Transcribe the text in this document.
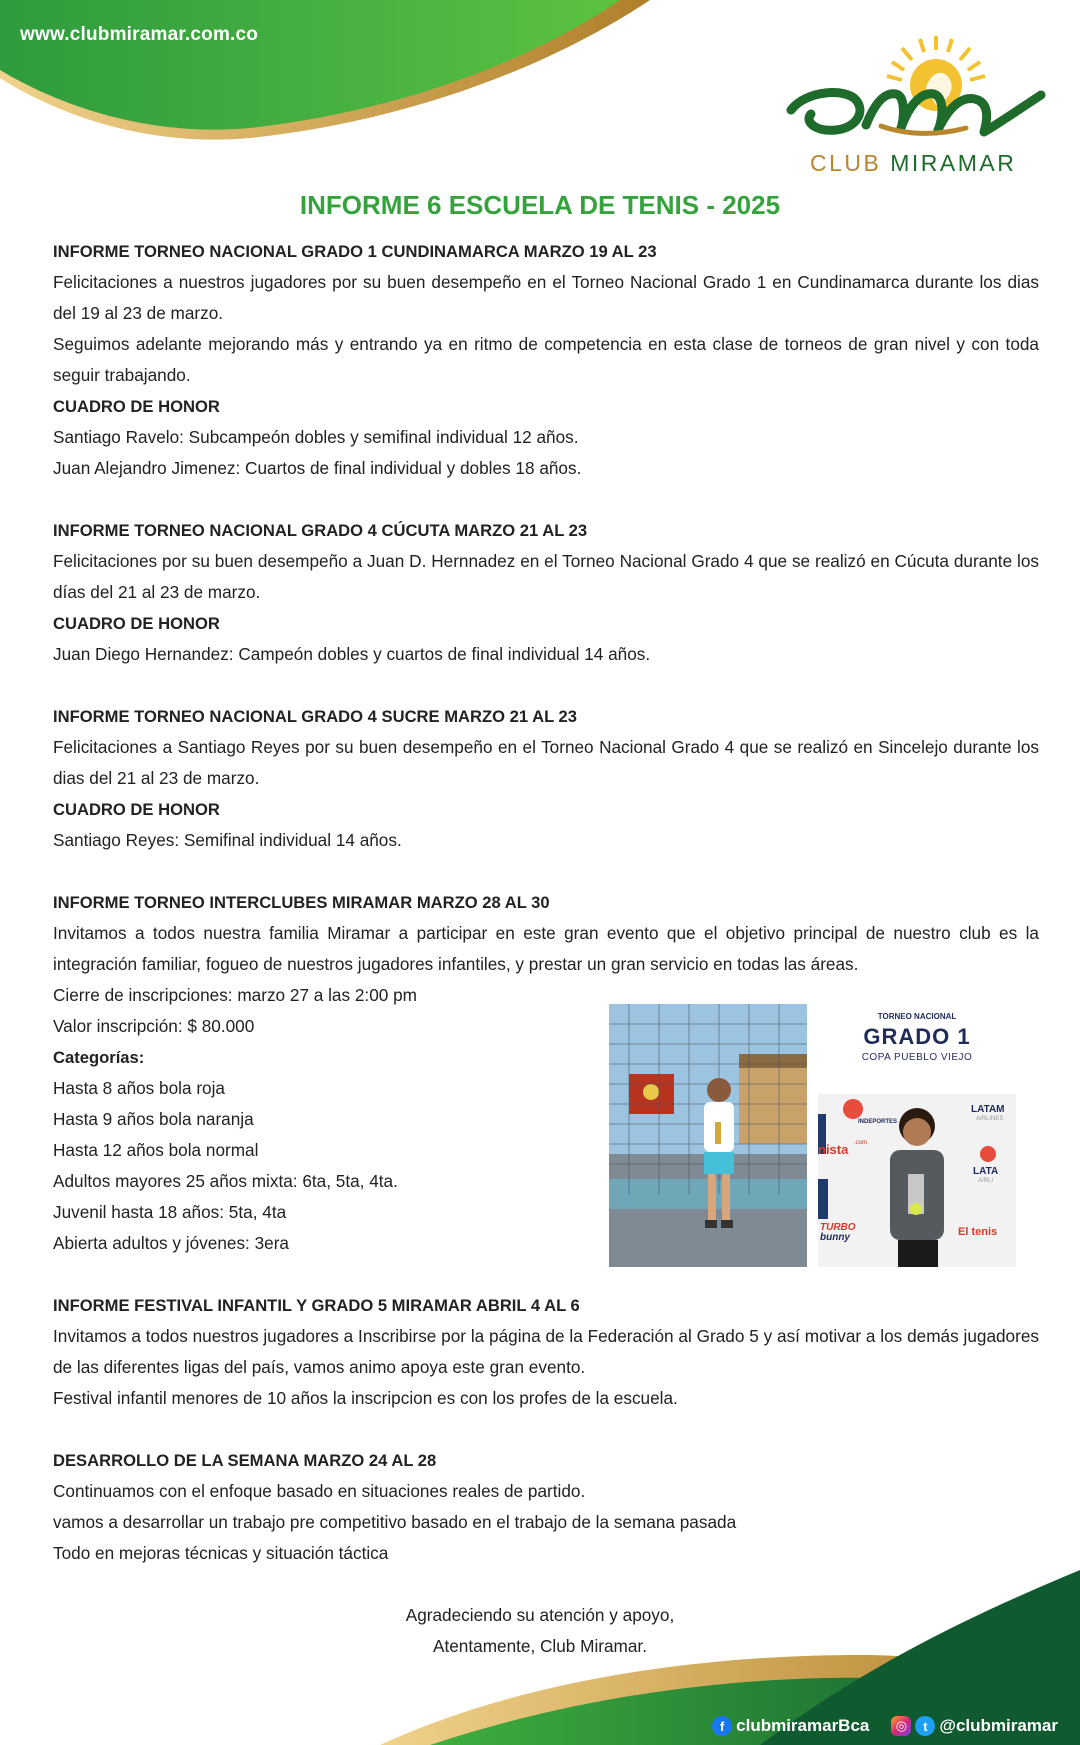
www.clubmiramar.com.co
CLUB MIRAMAR
INFORME 6 ESCUELA DE TENIS - 2025

INFORME TORNEO NACIONAL GRADO 1 CUNDINAMARCA MARZO 19 AL 23

Felicitaciones a nuestros jugadores por su buen desempeño en el Torneo Nacional Grado 1 en Cundinamarca durante los dias del 19 al 23 de marzo.

Seguimos adelante mejorando más y entrando ya en ritmo de competencia en esta clase de torneos de gran nivel y con toda seguir trabajando.

CUADRO DE HONOR

Santiago Ravelo: Subcampeón dobles y semifinal individual 12 años.

Juan Alejandro Jimenez: Cuartos de final individual y dobles 18 años.

INFORME TORNEO NACIONAL GRADO 4 CÚCUTA MARZO 21 AL 23

Felicitaciones por su buen desempeño a Juan D. Hernnadez en el Torneo Nacional Grado 4 que se realizó en Cúcuta durante los días del 21 al 23 de marzo.

CUADRO DE HONOR

Juan Diego Hernandez: Campeón dobles y cuartos de final individual 14 años.

INFORME TORNEO NACIONAL GRADO 4 SUCRE MARZO 21 AL 23

Felicitaciones a Santiago Reyes por su buen desempeño en el Torneo Nacional Grado 4 que se realizó en Sincelejo durante los dias del 21 al 23 de marzo.

CUADRO DE HONOR

Santiago Reyes: Semifinal individual 14 años.

INFORME TORNEO INTERCLUBES MIRAMAR MARZO 28 AL 30

Invitamos a todos nuestra familia Miramar a participar en este gran evento que el objetivo principal de nuestro club es la integración familiar, fogueo de nuestros jugadores infantiles, y prestar un gran servicio en todas las áreas.

Cierre de inscripciones: marzo 27 a las 2:00 pm

Valor inscripción: $ 80.000

Categorías:

Hasta 8 años bola roja

Hasta 9 años bola naranja

Hasta 12 años bola normal

Adultos mayores 25 años mixta: 6ta, 5ta, 4ta.

Juvenil hasta 18 años: 5ta, 4ta

Abierta adultos y jóvenes: 3era

INFORME FESTIVAL INFANTIL Y GRADO 5 MIRAMAR ABRIL 4 AL 6

Invitamos a todos nuestros jugadores a Inscribirse por la página de la Federación al Grado 5 y así motivar a los demás jugadores de las diferentes ligas del país, vamos animo apoya este gran evento.

Festival infantil menores de 10 años la inscripcion es con los profes de la escuela.

DESARROLLO DE LA SEMANA MARZO 24 AL 28

Continuamos con el enfoque basado en situaciones reales de partido.

vamos a desarrollar un trabajo pre competitivo basado en el trabajo de la semana pasada

Todo en mejoras técnicas y situación táctica

TORNEO NACIONAL
GRADO 1
COPA PUEBLO VIEJO
INDEPORTES
LATAM
AIRLINES
nista .com
LATA
AIRLI
TURBO
bunny	El tenis
Agradeciendo su atención y apoyo,
Atentamente, Club Miramar.
f clubmiramarBca	◎	t @clubmiramar
